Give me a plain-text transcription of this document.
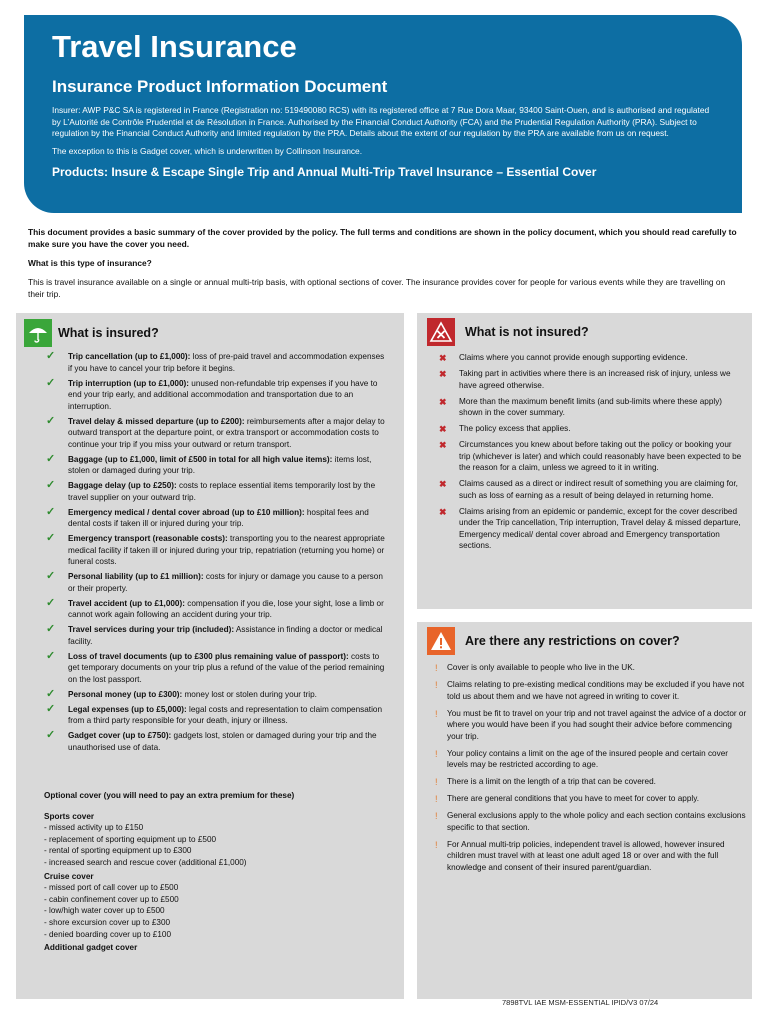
Travel Insurance
Insurance Product Information Document

Insurer: AWP P&C SA is registered in France (Registration no: 519490080 RCS) with its registered office at 7 Rue Dora Maar, 93400 Saint-Ouen, and is authorised and regulated by L’Autorité de Contrôle Prudentiel et de Résolution in France. Authorised by the Financial Conduct Authority (FCA) and the Prudential Regulation Authority (PRA). Subject to regulation by the Financial Conduct Authority and limited regulation by the PRA. Details about the extent of our regulation by the PRA are available from us on request.

The exception to this is Gadget cover, which is underwritten by Collinson Insurance.

Products: Insure & Escape Single Trip and Annual Multi-Trip Travel Insurance – Essential Cover

This document provides a basic summary of the cover provided by the policy. The full terms and conditions are shown in the policy document, which you should read carefully to make sure you have the cover you need.

What is this type of insurance?

This is travel insurance available on a single or annual multi-trip basis, with optional sections of cover. The insurance provides cover for people for various events while they are travelling on their trip.

What is insured?
✓ Trip cancellation (up to £1,000): loss of pre-paid travel and accommodation expenses if you have to cancel your trip before it begins.
✓ Trip interruption (up to £1,000): unused non-refundable trip expenses if you have to end your trip early, and additional accommodation and transportation due to an interruption.
✓ Travel delay & missed departure (up to £200): reimbursements after a major delay to outward transport at the departure point, or extra transport or accommodation costs to continue your trip if you miss your outward or return transport.
✓ Baggage (up to £1,000, limit of £500 in total for all high value items): items lost, stolen or damaged during your trip.
✓ Baggage delay (up to £250): costs to replace essential items temporarily lost by the travel supplier on your outward trip.
✓ Emergency medical / dental cover abroad (up to £10 million): hospital fees and dental costs if taken ill or injured during your trip.
✓ Emergency transport (reasonable costs): transporting you to the nearest appropriate medical facility if taken ill or injured during your trip, repatriation (returning you home) or funeral costs.
✓ Personal liability (up to £1 million): costs for injury or damage you cause to a person or their property.
✓ Travel accident (up to £1,000): compensation if you die, lose your sight, lose a limb or cannot work again following an accident during your trip.
✓ Travel services during your trip (included): Assistance in finding a doctor or medical facility.
✓ Loss of travel documents (up to £300 plus remaining value of passport): costs to get temporary documents on your trip plus a refund of the value of the period remaining on the lost passport.
✓ Personal money (up to £300): money lost or stolen during your trip.
✓ Legal expenses (up to £5,000): legal costs and representation to claim compensation from a third party responsible for your death, injury or illness.
✓ Gadget cover (up to £750): gadgets lost, stolen or damaged during your trip and the unauthorised use of data.
Optional cover (you will need to pay an extra premium for these)
Sports cover
- missed activity up to £150
- replacement of sporting equipment up to £500
- rental of sporting equipment up to £300
- increased search and rescue cover (additional £1,000)
Cruise cover
- missed port of call cover up to £500
- cabin confinement cover up to £500
- low/high water cover up to £500
- shore excursion cover up to £300
- denied boarding cover up to £100
Additional gadget cover
What is not insured?
✖ Claims where you cannot provide enough supporting evidence.
✖ Taking part in activities where there is an increased risk of injury, unless we have agreed otherwise.
✖ More than the maximum benefit limits (and sub-limits where these apply) shown in the cover summary.
✖ The policy excess that applies.
✖ Circumstances you knew about before taking out the policy or booking your trip (whichever is later) and which could reasonably have been expected to be the reason for a claim, unless we agreed to it in writing.
✖ Claims caused as a direct or indirect result of something you are claiming for, such as loss of earning as a result of being delayed in returning home.
✖ Claims arising from an epidemic or pandemic, except for the cover described under the Trip cancellation, Trip interruption, Travel delay & missed departure, Emergency medical/ dental cover abroad and Emergency transportation sections.
Are there any restrictions on cover?
! Cover is only available to people who live in the UK.
! Claims relating to pre-existing medical conditions may be excluded if you have not told us about them and we have not agreed in writing to cover it.
! You must be fit to travel on your trip and not travel against the advice of a doctor or where you would have been if you had sought their advice before commencing your trip.
! Your policy contains a limit on the age of the insured people and certain cover levels may be restricted according to age.
! There is a limit on the length of a trip that can be covered.
! There are general conditions that you have to meet for cover to apply.
! General exclusions apply to the whole policy and each section contains exclusions specific to that section.
! For Annual multi-trip policies, independent travel is allowed, however insured children must travel with at least one adult aged 18 or over and with the full knowledge and consent of their insured parent/guardian.
7898TVL IAE MSM-ESSENTIAL IPID/V3 07/24
